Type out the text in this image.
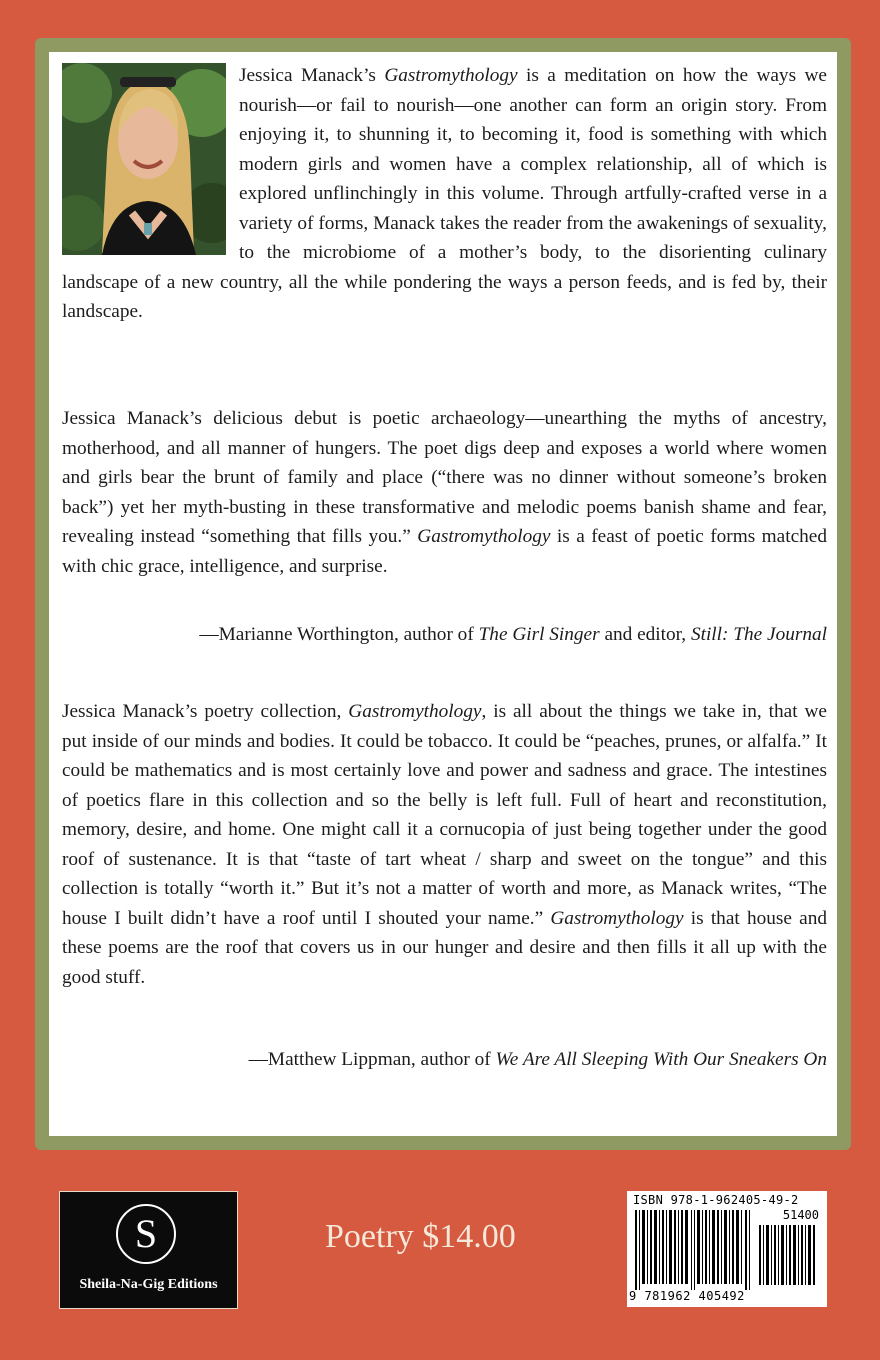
Jessica Manack’s Gastromythology is a meditation on how the ways we nourish—or fail to nourish—one another can form an origin story. From enjoying it, to shunning it, to becoming it, food is something with which modern girls and women have a complex relationship, all of which is explored unflinchingly in this volume. Through artfully-crafted verse in a variety of forms, Manack takes the reader from the awakenings of sexuality, to the microbiome of a mother’s body, to the disorienting culinary landscape of a new country, all the while pondering the ways a person feeds, and is fed by, their landscape.
Jessica Manack’s delicious debut is poetic archaeology—unearthing the myths of ancestry, motherhood, and all manner of hungers. The poet digs deep and exposes a world where women and girls bear the brunt of family and place (“there was no dinner without someone’s broken back”) yet her myth-busting in these transformative and melodic poems banish shame and fear, revealing instead “something that fills you.” Gastromythology is a feast of poetic forms matched with chic grace, intelligence, and surprise.
—Marianne Worthington, author of The Girl Singer and editor, Still: The Journal
Jessica Manack’s poetry collection, Gastromythology, is all about the things we take in, that we put inside of our minds and bodies. It could be tobacco. It could be “peaches, prunes, or alfalfa.” It could be mathematics and is most certainly love and power and sadness and grace. The intestines of poetics flare in this collection and so the belly is left full. Full of heart and reconstitution, memory, desire, and home. One might call it a cornucopia of just being together under the good roof of sustenance. It is that “taste of tart wheat / sharp and sweet on the tongue” and this collection is totally “worth it.” But it’s not a matter of worth and more, as Manack writes, “The house I built didn’t have a roof until I shouted your name.” Gastromythology is that house and these poems are the roof that covers us in our hunger and desire and then fills it all up with the good stuff.
—Matthew Lippman, author of We Are All Sleeping With Our Sneakers On
S
Sheila-Na-Gig Editions
Poetry $14.00
ISBN 978-1-962405-49-2
51400
9 781962 405492
